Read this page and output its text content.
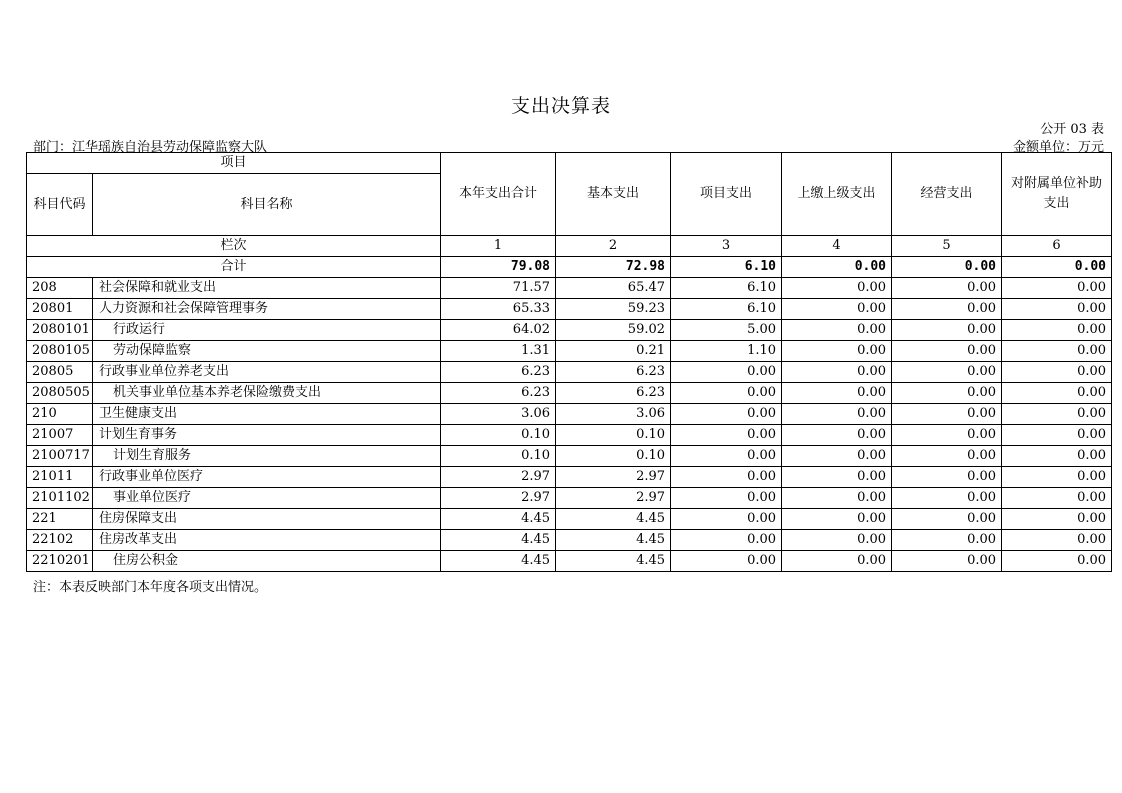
支出决算表
公开 03 表
部门：江华瑶族自治县劳动保障监察大队	金额单位：万元
项目		本年支出合计	基本支出	项目支出	上缴上级支出	经营支出	对附属单位补助支出
科目代码	科目名称						
栏次		1	2	3	4	5	6
合计		79.08	72.98	6.10	0.00	0.00	0.00
208	社会保障和就业支出	71.57	65.47	6.10	0.00	0.00	0.00
20801	人力资源和社会保障管理事务	65.33	59.23	6.10	0.00	0.00	0.00
2080101	行政运行	64.02	59.02	5.00	0.00	0.00	0.00
2080105	劳动保障监察	1.31	0.21	1.10	0.00	0.00	0.00
20805	行政事业单位养老支出	6.23	6.23	0.00	0.00	0.00	0.00
2080505	机关事业单位基本养老保险缴费支出	6.23	6.23	0.00	0.00	0.00	0.00
210	卫生健康支出	3.06	3.06	0.00	0.00	0.00	0.00
21007	计划生育事务	0.10	0.10	0.00	0.00	0.00	0.00
2100717	计划生育服务	0.10	0.10	0.00	0.00	0.00	0.00
21011	行政事业单位医疗	2.97	2.97	0.00	0.00	0.00	0.00
2101102	事业单位医疗	2.97	2.97	0.00	0.00	0.00	0.00
221	住房保障支出	4.45	4.45	0.00	0.00	0.00	0.00
22102	住房改革支出	4.45	4.45	0.00	0.00	0.00	0.00
2210201	住房公积金	4.45	4.45	0.00	0.00	0.00	0.00
注：本表反映部门本年度各项支出情况。
